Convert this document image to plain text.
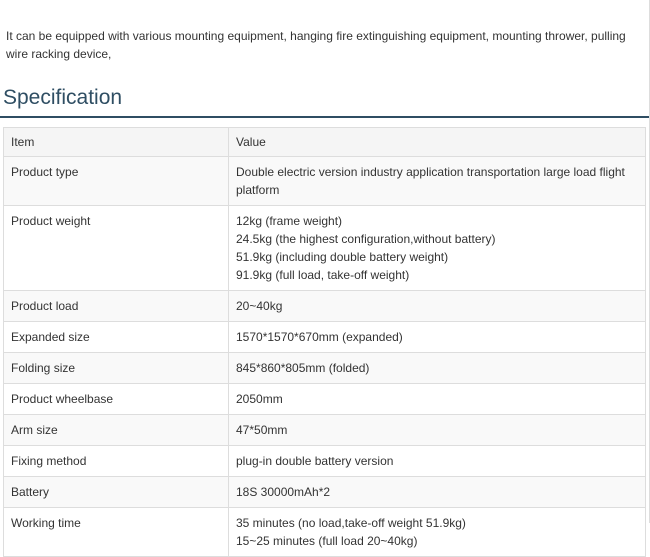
It can be equipped with various mounting equipment, hanging fire extinguishing equipment, mounting thrower, pulling wire racking device,

Specification
Item	Value
Product type	Double electric version industry application transportation large load flight platform

Product weight	12kg (frame weight)
24.5kg (the highest configuration,without battery)
51.9kg (including double battery weight)
91.9kg (full load, take-off weight)

Product load	20~40kg

Expanded size	1570*1570*670mm (expanded)

Folding size	845*860*805mm (folded)

Product wheelbase	2050mm

Arm size	47*50mm

Fixing method	plug-in double battery version

Battery	18S 30000mAh*2

Working time	35 minutes (no load,take-off weight 51.9kg)
15~25 minutes (full load 20~40kg)
